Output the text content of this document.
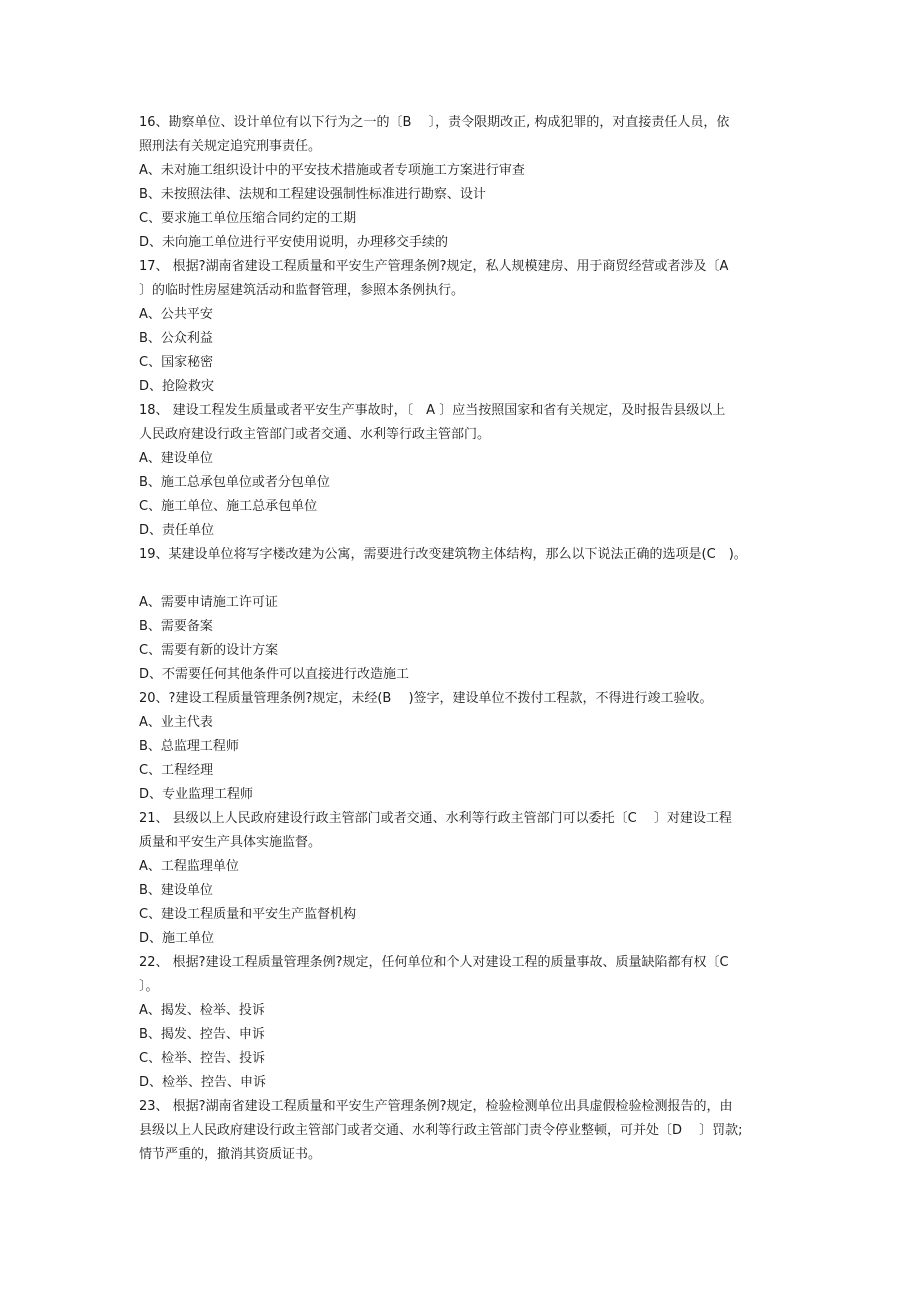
16、勘察单位、设计单位有以下行为之一的〔B　 〕，责令限期改正, 构成犯罪的，对直接责任人员，依
照刑法有关规定追究刑事责任。
A、未对施工组织设计中的平安技术措施或者专项施工方案进行审查
B、未按照法律、法规和工程建设强制性标准进行勘察、设计
C、要求施工单位压缩合同约定的工期
D、未向施工单位进行平安使用说明，办理移交手续的
17、 根据?湖南省建设工程质量和平安生产管理条例?规定，私人规模建房、用于商贸经营或者涉及〔A
〕的临时性房屋建筑活动和监督管理，参照本条例执行。
A、公共平安
B、公众利益
C、国家秘密
D、抢险救灾
18、 建设工程发生质量或者平安生产事故时，〔　A 〕应当按照国家和省有关规定，及时报告县级以上
人民政府建设行政主管部门或者交通、水利等行政主管部门。
A、建设单位
B、施工总承包单位或者分包单位
C、施工单位、施工总承包单位
D、责任单位
19、某建设单位将写字楼改建为公寓，需要进行改变建筑物主体结构，那么以下说法正确的选项是(C　)。
A、需要申请施工许可证
B、需要备案
C、需要有新的设计方案
D、不需要任何其他条件可以直接进行改造施工
20、?建设工程质量管理条例?规定，未经(B　 )签字，建设单位不拨付工程款，不得进行竣工验收。
A、业主代表
B、总监理工程师
C、工程经理
D、专业监理工程师
21、 县级以上人民政府建设行政主管部门或者交通、水利等行政主管部门可以委托〔C　 〕对建设工程
质量和平安生产具体实施监督。
A、工程监理单位
B、建设单位
C、建设工程质量和平安生产监督机构
D、施工单位
22、 根据?建设工程质量管理条例?规定，任何单位和个人对建设工程的质量事故、质量缺陷都有权〔C
〕。
A、揭发、检举、投诉
B、揭发、控告、申诉
C、检举、控告、投诉
D、检举、控告、申诉
23、 根据?湖南省建设工程质量和平安生产管理条例?规定，检验检测单位出具虚假检验检测报告的，由
县级以上人民政府建设行政主管部门或者交通、水利等行政主管部门责令停业整顿，可并处〔D　 〕罚款;
情节严重的，撤消其资质证书。
